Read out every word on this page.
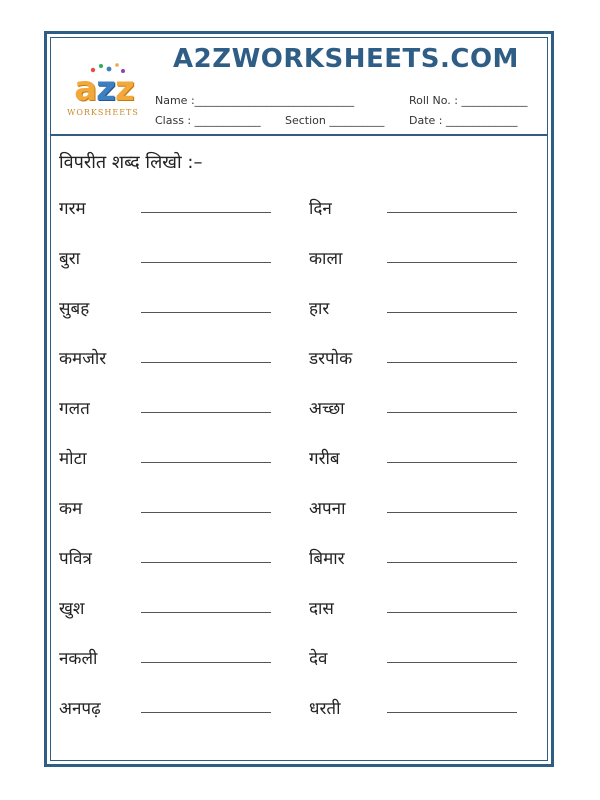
azz
WORKSHEETS
A2ZWORKSHEETS.COM
Name :_____________________________	Roll No. : ____________
Class : ____________ Section __________ Date : _____________
विपरीत शब्द लिखो :–
गरम	दिन
बुरा	काला
सुबह	हार
कमजोर	डरपोक
गलत	अच्छा
मोटा	गरीब
कम	अपना
पवित्र	बिमार
खुश	दास
नकली	देव
अनपढ़	धरती
